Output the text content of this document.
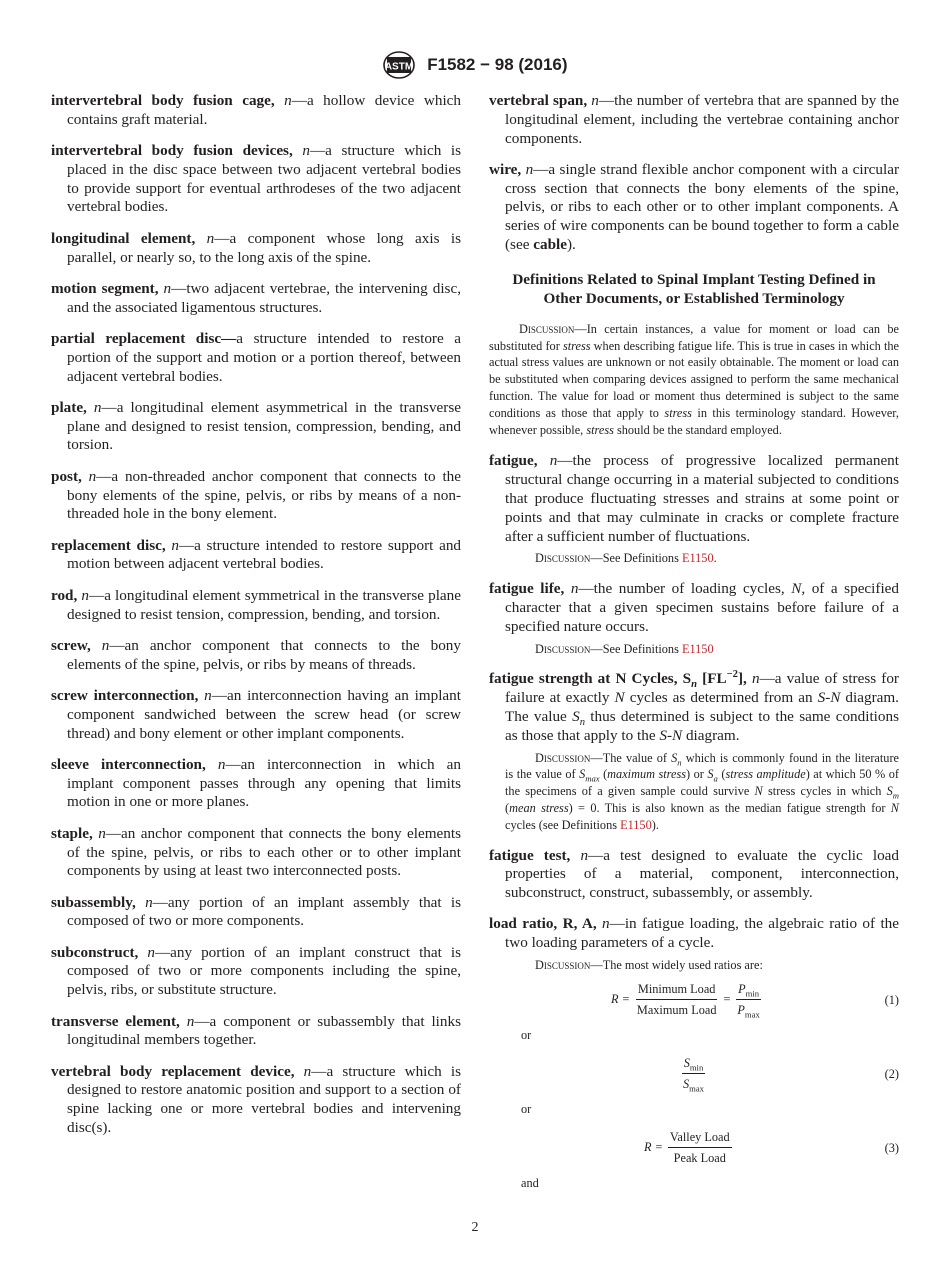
ASTM F1582 − 98 (2016)

intervertebral body fusion cage, n—a hollow device which contains graft material.

intervertebral body fusion devices, n—a structure which is placed in the disc space between two adjacent vertebral bodies to provide support for eventual arthrodeses of the two adjacent vertebral bodies.

longitudinal element, n—a component whose long axis is parallel, or nearly so, to the long axis of the spine.

motion segment, n—two adjacent vertebrae, the intervening disc, and the associated ligamentous structures.

partial replacement disc—a structure intended to restore a portion of the support and motion or a portion thereof, between adjacent vertebral bodies.

plate, n—a longitudinal element asymmetrical in the transverse plane and designed to resist tension, compression, bending, and torsion.

post, n—a non-threaded anchor component that connects to the bony elements of the spine, pelvis, or ribs by means of a non-threaded hole in the bony element.

replacement disc, n—a structure intended to restore support and motion between adjacent vertebral bodies.

rod, n—a longitudinal element symmetrical in the transverse plane designed to resist tension, compression, bending, and torsion.

screw, n—an anchor component that connects to the bony elements of the spine, pelvis, or ribs by means of threads.

screw interconnection, n—an interconnection having an implant component sandwiched between the screw head (or screw thread) and bony element or other implant components.

sleeve interconnection, n—an interconnection in which an implant component passes through any opening that limits motion in one or more planes.

staple, n—an anchor component that connects the bony elements of the spine, pelvis, or ribs to each other or to other implant components by using at least two interconnected posts.

subassembly, n—any portion of an implant assembly that is composed of two or more components.

subconstruct, n—any portion of an implant construct that is composed of two or more components including the spine, pelvis, ribs, or substitute structure.

transverse element, n—a component or subassembly that links longitudinal members together.

vertebral body replacement device, n—a structure which is designed to restore anatomic position and support to a section of spine lacking one or more vertebral bodies and intervening disc(s).

vertebral span, n—the number of vertebra that are spanned by the longitudinal element, including the vertebrae containing anchor components.

wire, n—a single strand flexible anchor component with a circular cross section that connects the bony elements of the spine, pelvis, or ribs to each other or to other implant components. A series of wire components can be bound together to form a cable (see cable).

Definitions Related to Spinal Implant Testing Defined in Other Documents, or Established Terminology

Discussion—In certain instances, a value for moment or load can be substituted for stress when describing fatigue life. This is true in cases in which the actual stress values are unknown or not easily obtainable. The moment or load can be substituted when comparing devices assigned to perform the same mechanical function. The value for load or moment thus determined is subject to the same conditions as those that apply to stress in this terminology standard. However, whenever possible, stress should be the standard employed.

fatigue, n—the process of progressive localized permanent structural change occurring in a material subjected to conditions that produce fluctuating stresses and strains at some point or points and that may culminate in cracks or complete fracture after a sufficient number of fluctuations.

Discussion—See Definitions E1150.

fatigue life, n—the number of loading cycles, N, of a specified character that a given specimen sustains before failure of a specified nature occurs.

Discussion—See Definitions E1150

fatigue strength at N Cycles, $S_n$ $[FL^{-2}]$, n—a value of stress for failure at exactly N cycles as determined from an S-N diagram. The value $S_n$ thus determined is subject to the same conditions as those that apply to the S-N diagram.

Discussion—The value of $S_n$ which is commonly found in the literature is the value of $S_{max}$ (maximum stress) or $S_a$ (stress amplitude) at which 50 % of the specimens of a given sample could survive N stress cycles in which $S_m$ (mean stress) = 0. This is also known as the median fatigue strength for N cycles (see Definitions E1150).

fatigue test, n—a test designed to evaluate the cyclic load properties of a material, component, interconnection, subconstruct, construct, subassembly, or assembly.

load ratio, R, A, n—in fatigue loading, the algebraic ratio of the two loading parameters of a cycle.

Discussion—The most widely used ratios are:

$R = \frac{\text{Minimum Load}}{\text{Maximum Load}} = \frac{P_{min}}{P_{max}}$	(1)
or
$\frac{S_{min}}{S_{max}}$	(2)
or
$R = \frac{\text{Valley Load}}{\text{Peak Load}}$	(3)
and
2
